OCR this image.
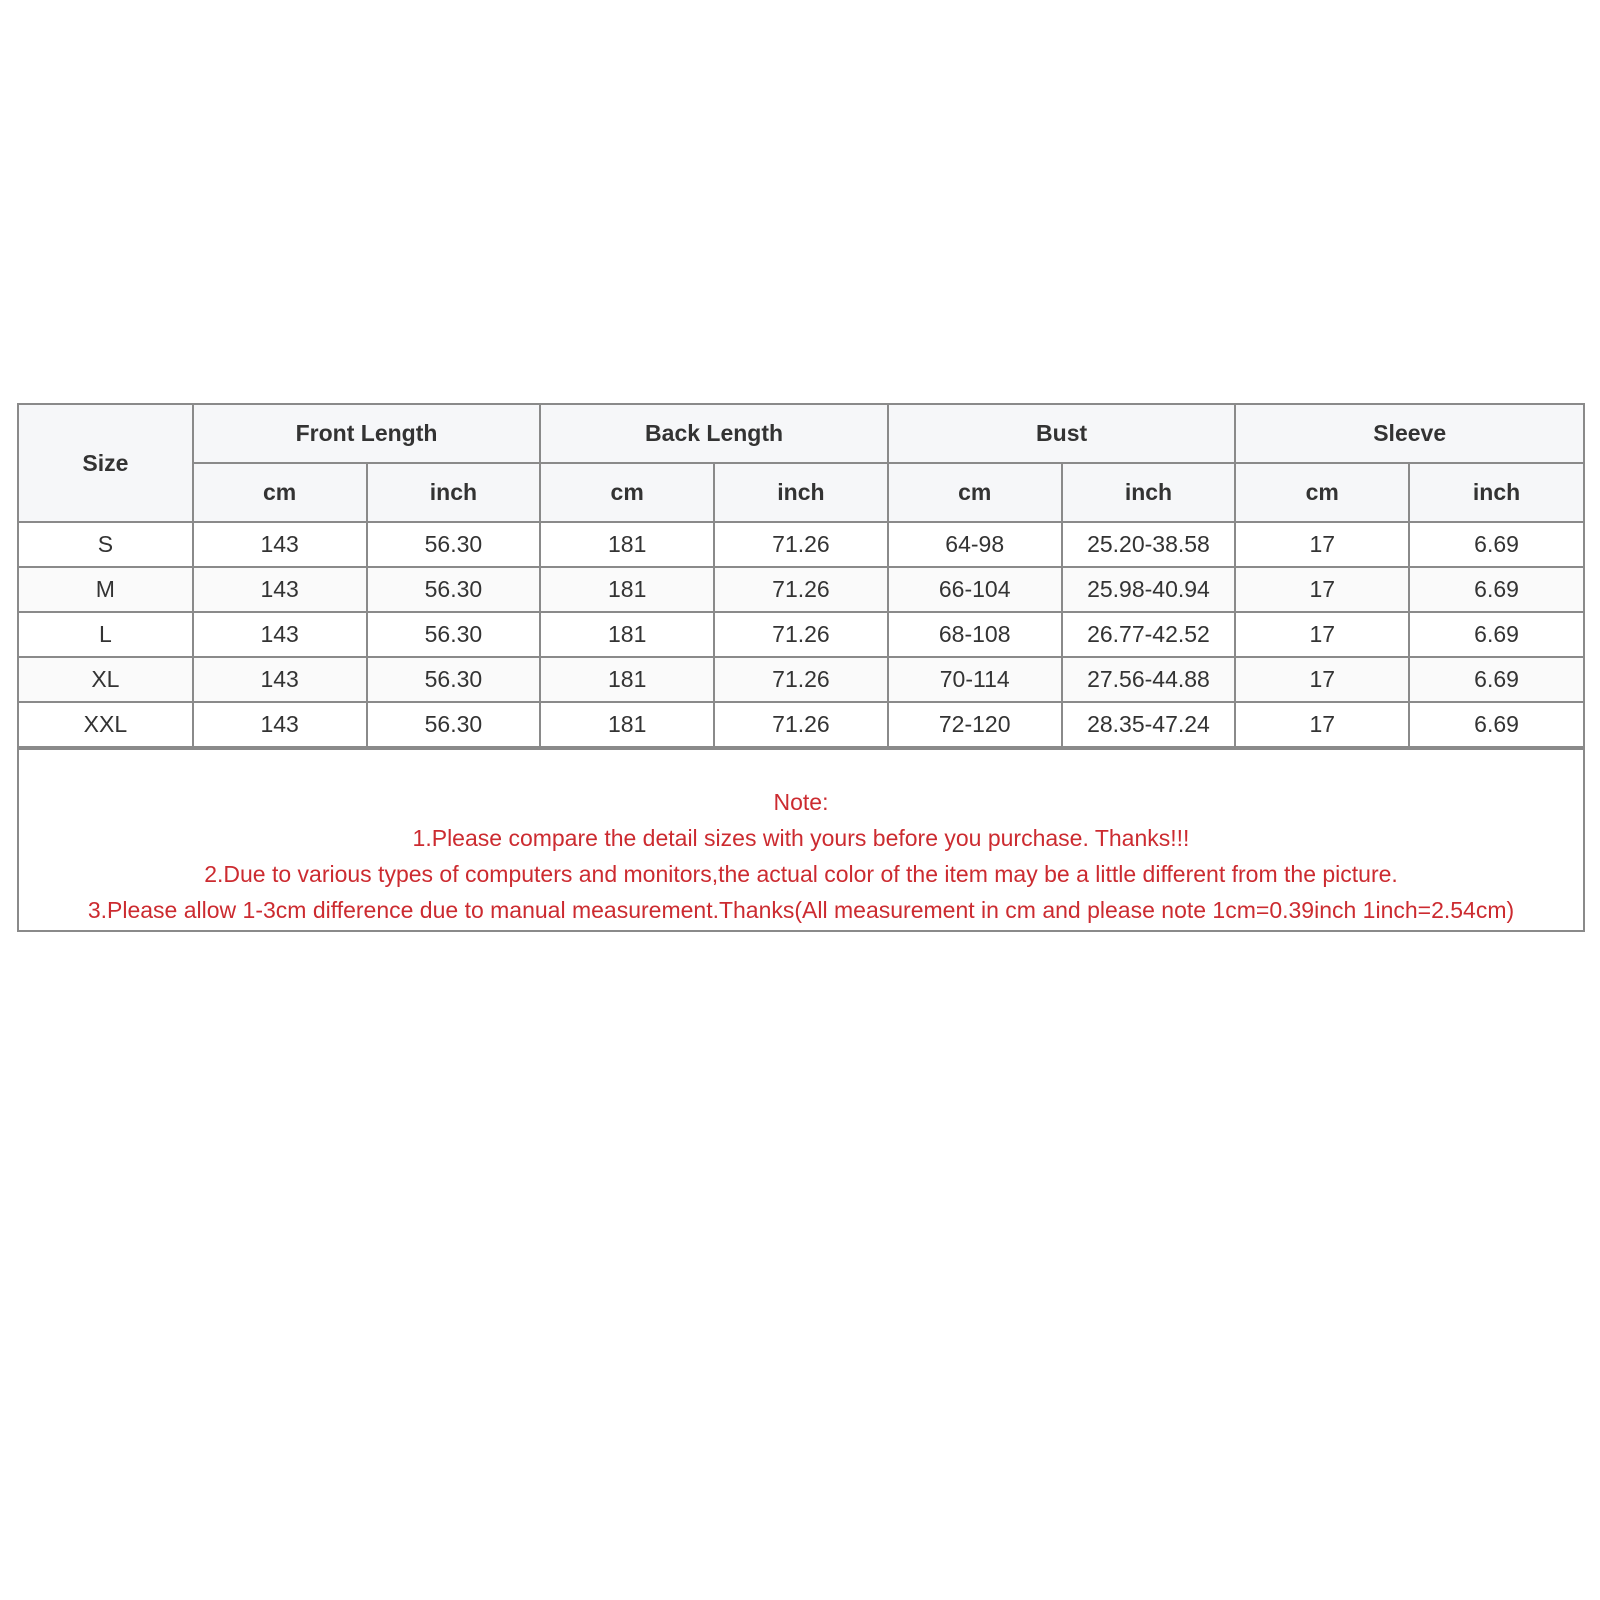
Size	Front Length		Back Length		Bust		Sleeve	
	cm	inch	cm	inch	cm	inch	cm	inch
S	143	56.30	181	71.26	64-98	25.20-38.58	17	6.69
M	143	56.30	181	71.26	66-104	25.98-40.94	17	6.69
L	143	56.30	181	71.26	68-108	26.77-42.52	17	6.69
XL	143	56.30	181	71.26	70-114	27.56-44.88	17	6.69
XXL	143	56.30	181	71.26	72-120	28.35-47.24	17	6.69
Note:
1.Please compare the detail sizes with yours before you purchase. Thanks!!!
2.Due to various types of computers and monitors,the actual color of the item may be a little different from the picture.
3.Please allow 1-3cm difference due to manual measurement.Thanks(All measurement in cm and please note 1cm=0.39inch 1inch=2.54cm)
